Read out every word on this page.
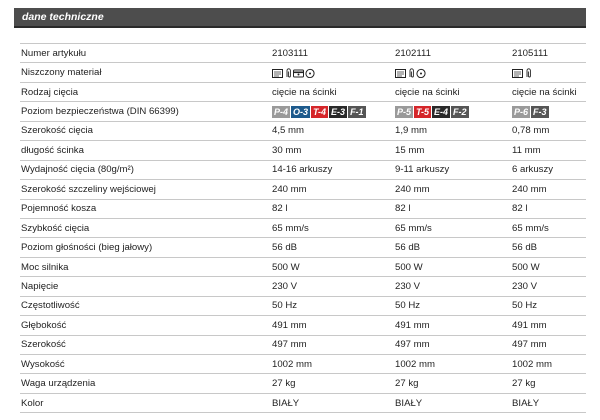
dane techniczne
Numer artykułu	2103111	2102111	2105111
Niszczony materiał	

Rodzaj cięcia	cięcie na ścinki	cięcie na ścinki	cięcie na ścinki
Poziom bezpieczeństwa (DIN 66399)	P-4 O-3 T-4 E-3 F-1	P-5 T-5 E-4 F-2	P-6 F-3

Szerokość cięcia	4,5 mm	1,9 mm	0,78 mm
długość ścinka	30 mm	15 mm	11 mm
Wydajność cięcia (80g/m²)	14-16 arkuszy	9-11 arkuszy	6 arkuszy
Szerokość szczeliny wejściowej	240 mm	240 mm	240 mm
Pojemność kosza	82 l	82 l	82 l
Szybkość cięcia	65 mm/s	65 mm/s	65 mm/s
Poziom głośności (bieg jałowy)	56 dB	56 dB	56 dB
Moc silnika	500 W	500 W	500 W
Napięcie	230 V	230 V	230 V
Częstotliwość	50 Hz	50 Hz	50 Hz
Głębokość	491 mm	491 mm	491 mm
Szerokość	497 mm	497 mm	497 mm
Wysokość	1002 mm	1002 mm	1002 mm
Waga urządzenia	27 kg	27 kg	27 kg
Kolor	BIAŁY	BIAŁY	BIAŁY
